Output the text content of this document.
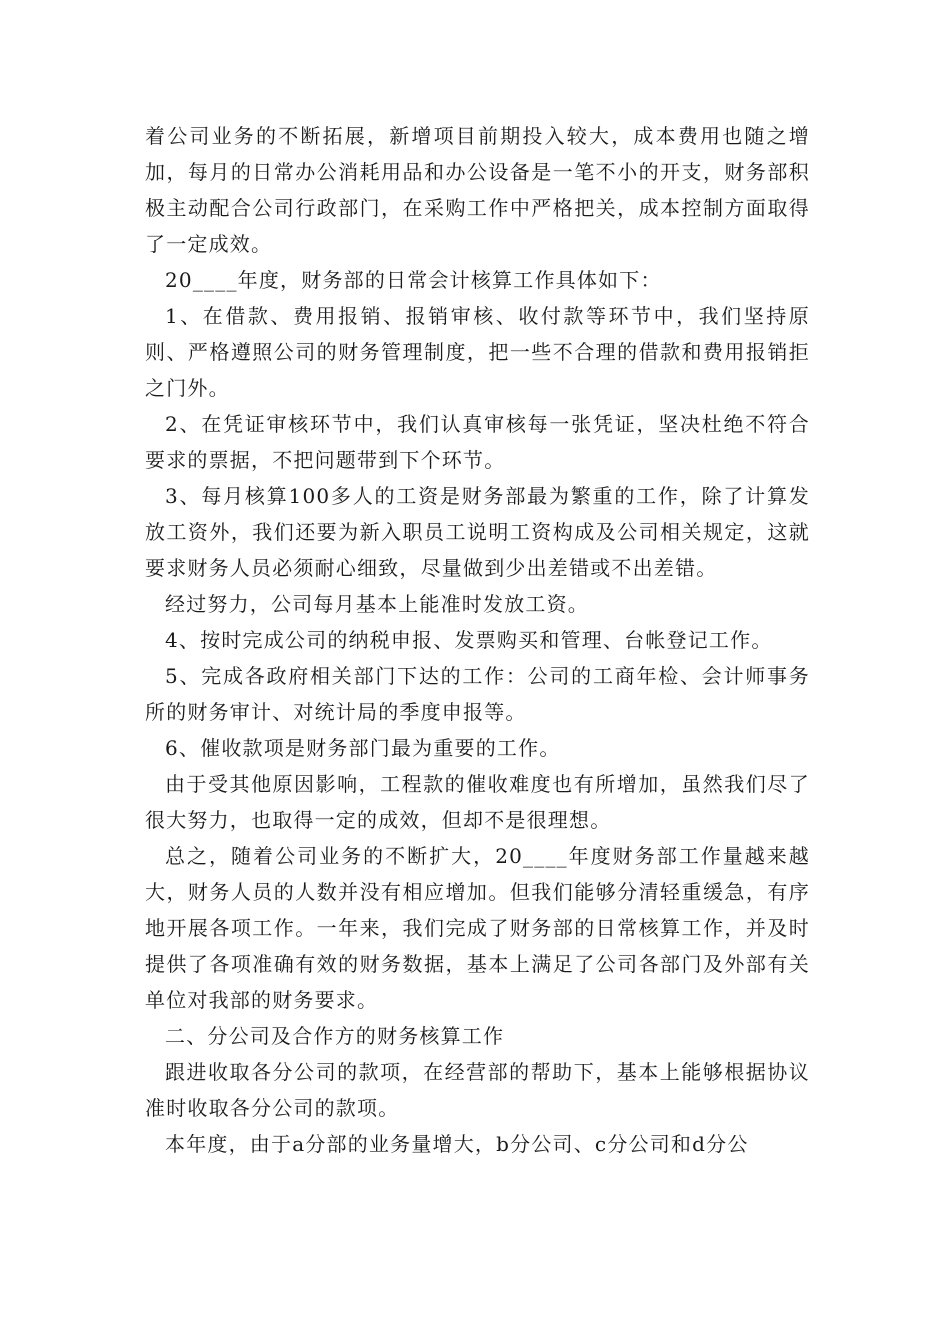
着公司业务的不断拓展，新增项目前期投入较大，成本费用也随之增加，每月的日常办公消耗用品和办公设备是一笔不小的开支，财务部积极主动配合公司行政部门，在采购工作中严格把关，成本控制方面取得了一定成效。

20____年度，财务部的日常会计核算工作具体如下：

1、在借款、费用报销、报销审核、收付款等环节中，我们坚持原则、严格遵照公司的财务管理制度，把一些不合理的借款和费用报销拒之门外。

2、在凭证审核环节中，我们认真审核每一张凭证，坚决杜绝不符合要求的票据，不把问题带到下个环节。

3、每月核算100多人的工资是财务部最为繁重的工作，除了计算发放工资外，我们还要为新入职员工说明工资构成及公司相关规定，这就要求财务人员必须耐心细致，尽量做到少出差错或不出差错。

经过努力，公司每月基本上能准时发放工资。

4、按时完成公司的纳税申报、发票购买和管理、台帐登记工作。

5、完成各政府相关部门下达的工作：公司的工商年检、会计师事务所的财务审计、对统计局的季度申报等。

6、催收款项是财务部门最为重要的工作。

由于受其他原因影响，工程款的催收难度也有所增加，虽然我们尽了很大努力，也取得一定的成效，但却不是很理想。

总之，随着公司业务的不断扩大，20____年度财务部工作量越来越大，财务人员的人数并没有相应增加。但我们能够分清轻重缓急，有序地开展各项工作。一年来，我们完成了财务部的日常核算工作，并及时提供了各项准确有效的财务数据，基本上满足了公司各部门及外部有关单位对我部的财务要求。

二、分公司及合作方的财务核算工作

跟进收取各分公司的款项，在经营部的帮助下，基本上能够根据协议准时收取各分公司的款项。

本年度，由于a分部的业务量增大，b分公司、c分公司和d分公
